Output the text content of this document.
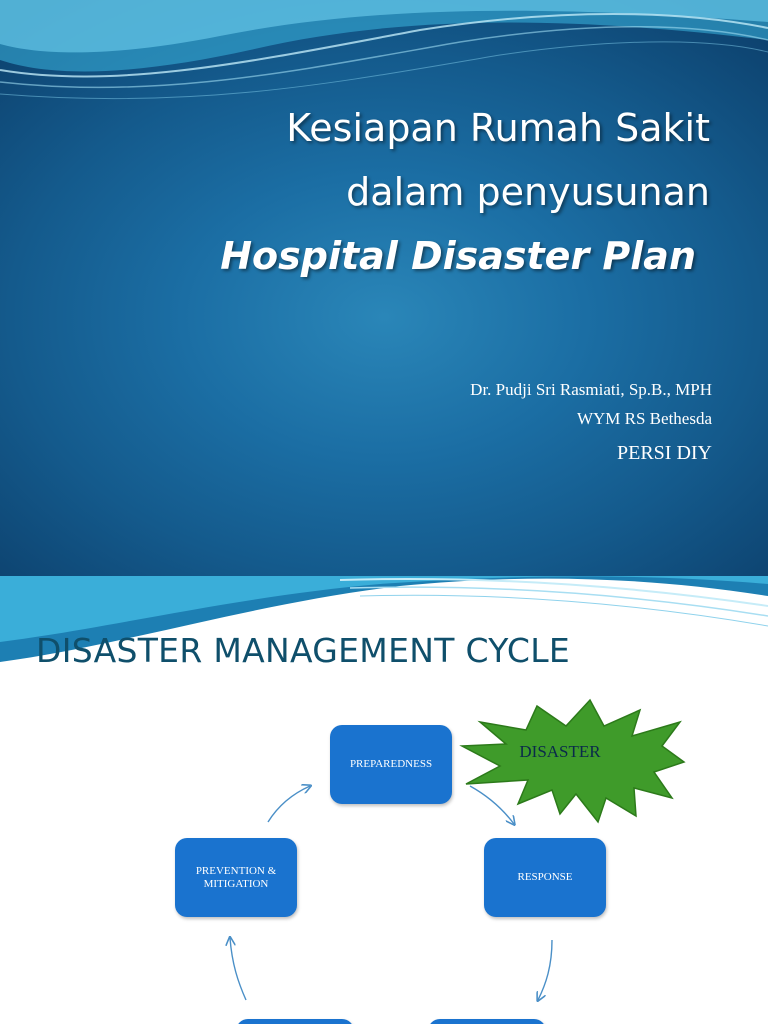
Kesiapan Rumah Sakit
dalam penyusunan
Hospital Disaster Plan
Dr. Pudji Sri Rasmiati, Sp.B., MPH
WYM RS Bethesda
PERSI DIY
DISASTER MANAGEMENT CYCLE
DISASTER
PREPAREDNESS
RESPONSE
PREVENTION & MITIGATION
